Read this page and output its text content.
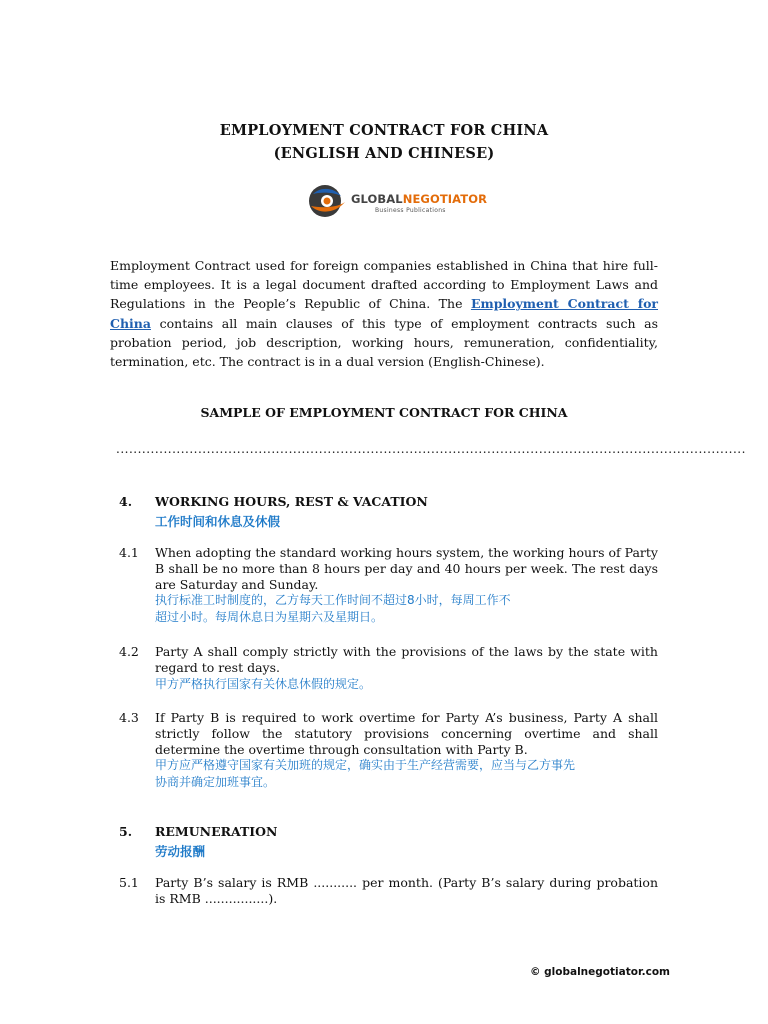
EMPLOYMENT CONTRACT FOR CHINA
(ENGLISH AND CHINESE)
GLOBALNEGOTIATOR
Business Publications
Employment Contract used for foreign companies established in China that hire full-time employees. It is a legal document drafted according to Employment Laws and Regulations in the People’s Republic of China. The Employment Contract for China contains all main clauses of this type of employment contracts such as probation period, job description, working hours, remuneration, confidentiality, termination, etc. The contract is in a dual version (English-Chinese).
SAMPLE OF EMPLOYMENT CONTRACT FOR CHINA
..................................................................................................................................................
4. WORKING HOURS, REST & VACATION
工作时间和休息及休假
4.1 When adopting the standard working hours system, the working hours of Party B shall be no more than 8 hours per day and 40 hours per week. The rest days are Saturday and Sunday.
执行标准工时制度的，乙方每天工作时间不超过8小时，每周工作不
超过小时。每周休息日为星期六及星期日。
4.2 Party A shall comply strictly with the provisions of the laws by the state with regard to rest days.
甲方严格执行国家有关休息休假的规定。
4.3 If Party B is required to work overtime for Party A’s business, Party A shall strictly follow the statutory provisions concerning overtime and shall determine the overtime through consultation with Party B.
甲方应严格遵守国家有关加班的规定，确实由于生产经营需要，应当与乙方事先
协商并确定加班事宜。
5. REMUNERATION
劳动报酬
5.1 Party B’s salary is RMB ........... per month. (Party B’s salary during probation is RMB ................).
© globalnegotiator.com
